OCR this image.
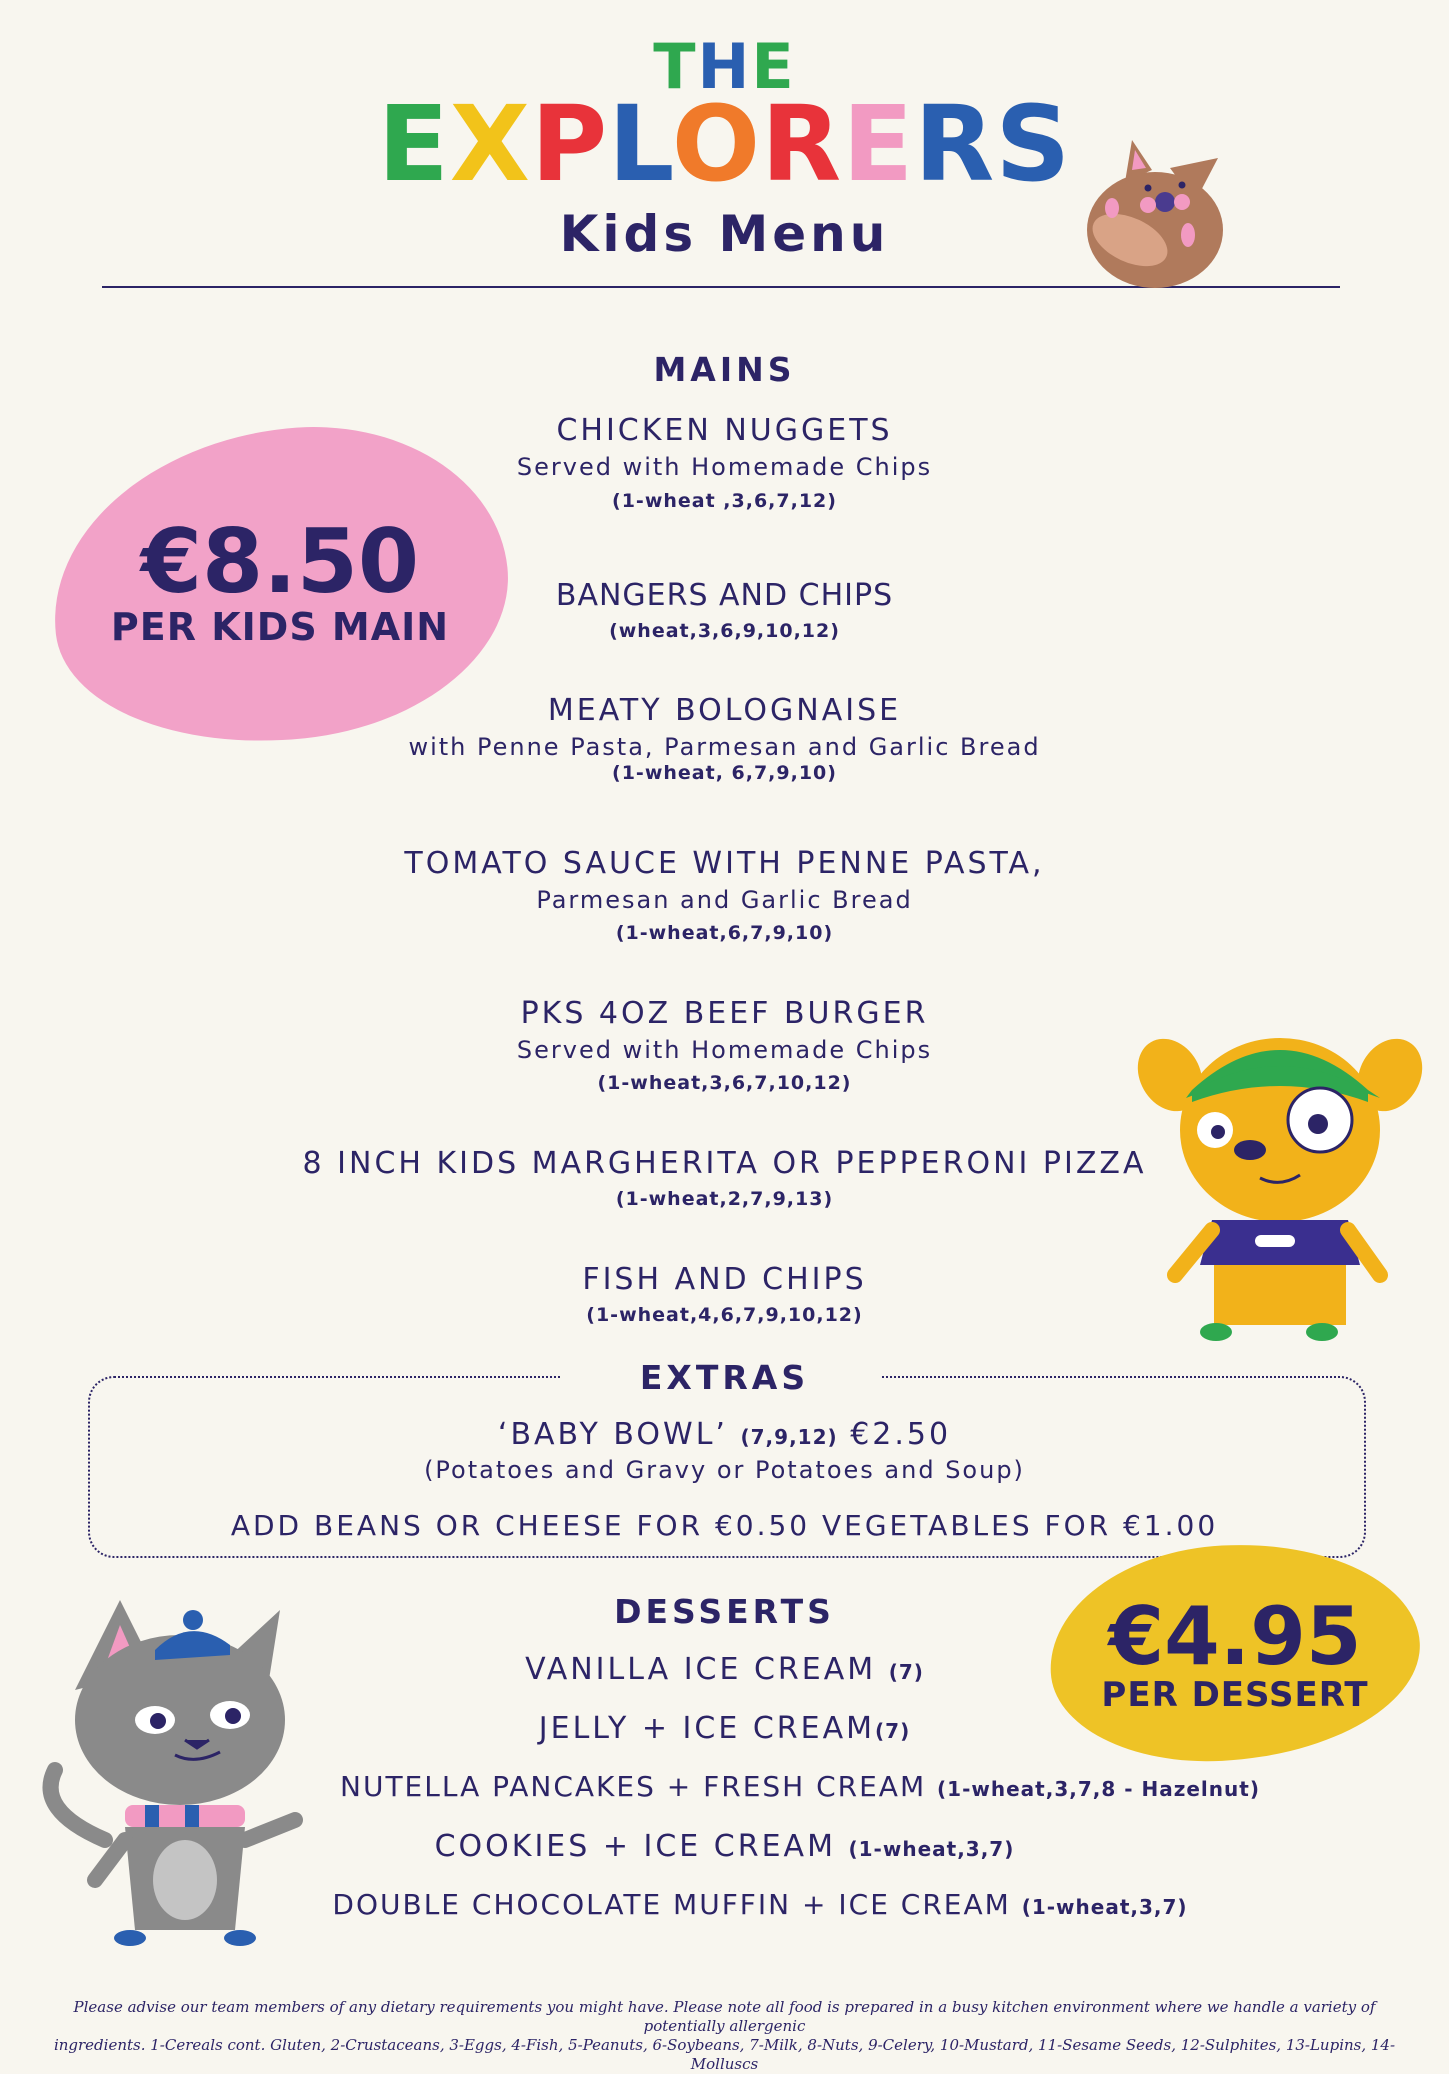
THE
EXPLORERS
Kids Menu
MAINS
€8.50
PER KIDS MAIN
CHICKEN NUGGETS
Served with Homemade Chips
(1-wheat ,3,6,7,12)
BANGERS AND CHIPS
(wheat,3,6,9,10,12)
MEATY BOLOGNAISE
with Penne Pasta, Parmesan and Garlic Bread
(1-wheat, 6,7,9,10)
TOMATO SAUCE WITH PENNE PASTA,
Parmesan and Garlic Bread
(1-wheat,6,7,9,10)
PKS 4OZ BEEF BURGER
Served with Homemade Chips
(1-wheat,3,6,7,10,12)
8 INCH KIDS MARGHERITA OR PEPPERONI PIZZA
(1-wheat,2,7,9,13)
FISH AND CHIPS
(1-wheat,4,6,7,9,10,12)
EXTRAS
‘BABY BOWL’ (7,9,12) €2.50
(Potatoes and Gravy or Potatoes and Soup)
ADD BEANS OR CHEESE FOR €0.50 VEGETABLES FOR €1.00
DESSERTS	€4.95
PER DESSERT
VANILLA ICE CREAM (7)
JELLY + ICE CREAM(7)
NUTELLA PANCAKES + FRESH CREAM (1-wheat,3,7,8 - Hazelnut)
COOKIES + ICE CREAM (1-wheat,3,7)
DOUBLE CHOCOLATE MUFFIN + ICE CREAM (1-wheat,3,7)
Please advise our team members of any dietary requirements you might have. Please note all food is prepared in a busy kitchen environment where we handle a variety of potentially allergenic
ingredients. 1-Cereals cont. Gluten, 2-Crustaceans, 3-Eggs, 4-Fish, 5-Peanuts, 6-Soybeans, 7-Milk, 8-Nuts, 9-Celery, 10-Mustard, 11-Sesame Seeds, 12-Sulphites, 13-Lupins, 14-Molluscs
